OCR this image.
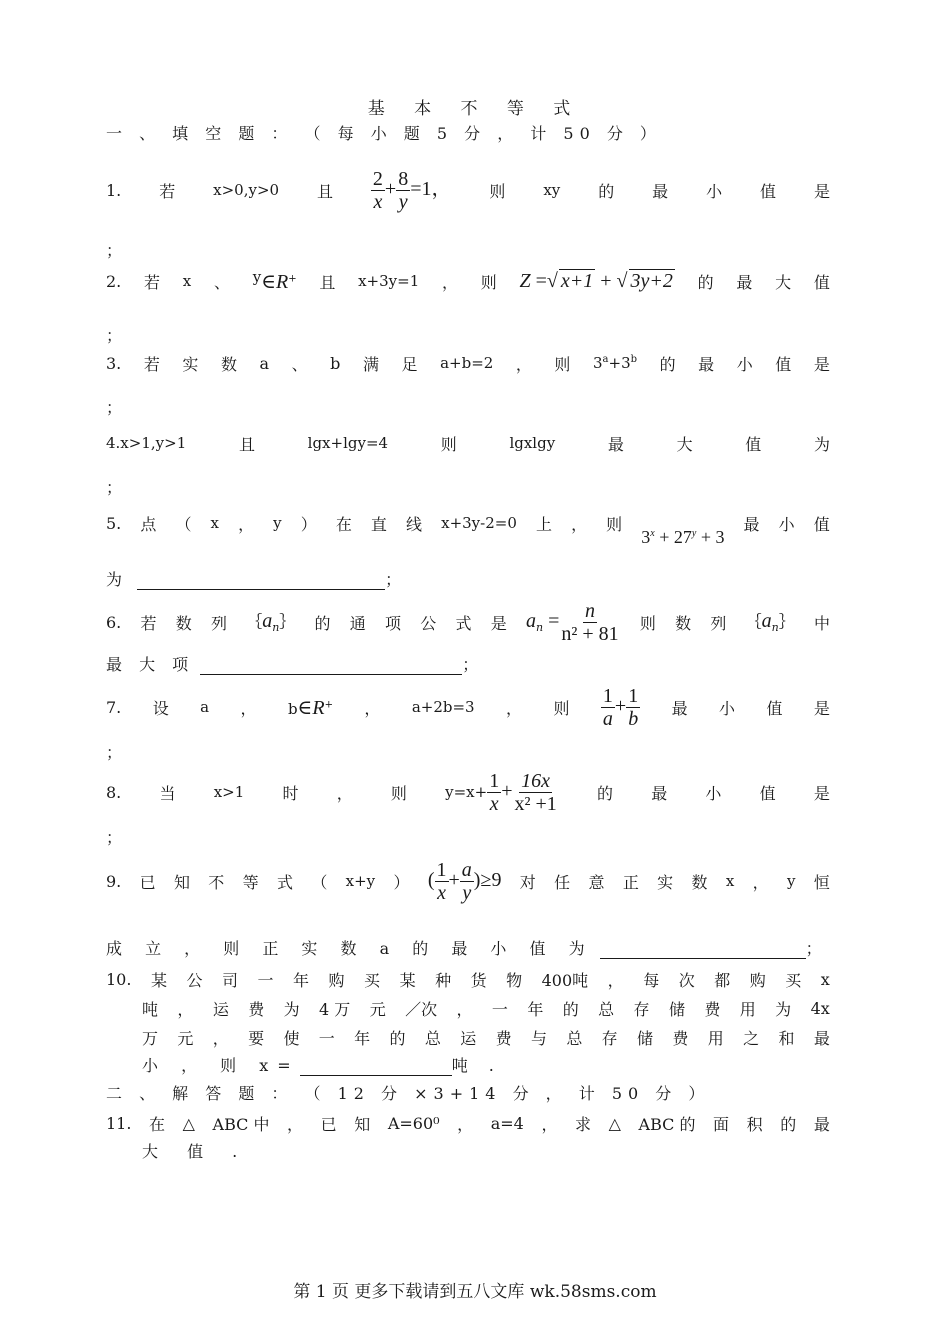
基 本 不 等 式
一 、 填 空 题 ： （ 每 小 题 5 分 ， 计 50 分 ）
1. 若	x>0,y>0 且 $\frac{2}{x} + \frac{8}{y} =1$， 则	xy 的 最 小 值 是
；
2. 若 x 、 y∈R+ 且 x+3y=1 ， 则 Z =√ x+1 + √ 3y+2 的 最 大 值
；
3. 若 实 数 a 、 b 满 足 a+b=2 ， 则 $3^a+3^b$ 的 最 小 值 是
；
4.x>1,y>1	且	lgx+lgy=4	则	lgxlgy	最	大	值	为
；
5. 点 （ x ， y ） 在 直 线 x+3y-2=0 上 ， 则
$3^x + 27^y + 3$
最 小 值
为	；
6. 若 数 列 $\{a_n\}$ 的 通 项 公 式 是 $a_n = \frac{n}{\text{n² + 81}}$ 则 数 列 $\{a_n\}$ 中
最 大 项	；
7. 设 a ， b∈R+ ， a+2b=3 ， 则 $\frac{1}{a} + \frac{1}{b}$ 最 小 值 是
；
8. 当	x>1 时 ， 则	$y=x+ \frac{1}{x} + \frac{16x}{\text{x² +1}}$ 的 最 小 值 是
；
9. 已 知 不 等 式 （ x+y ） ( $\frac{1}{x} + \frac{a}{y} )\ge 9$ 对 任 意 正 实 数 x ， y 恒
成 立 ， 则 正 实 数 a 的 最 小 值 为	；
10. 某 公 司 一 年 购 买 某 种 货 物 400吨 ， 每 次 都 购 买 x
吨 ， 运 费 为 4 万 元 ／次 ， 一 年 的 总 存 储 费 用 为 4x
万 元 ， 要 使 一 年 的 总 运 费 与 总 存 储 费 用 之 和 最
小 ， 则 x=	吨 .
二 、 解 答 题 ： （ 12 分 ×3+14 分 ， 计 50 分 ）
11. 在 △ ABC 中 ， 已 知 A=60⁰ ， a=4 ， 求 △ ABC 的 面 积 的 最
大 值 .
第 1 页 更多下载请到五八文库 wk.58sms.com
